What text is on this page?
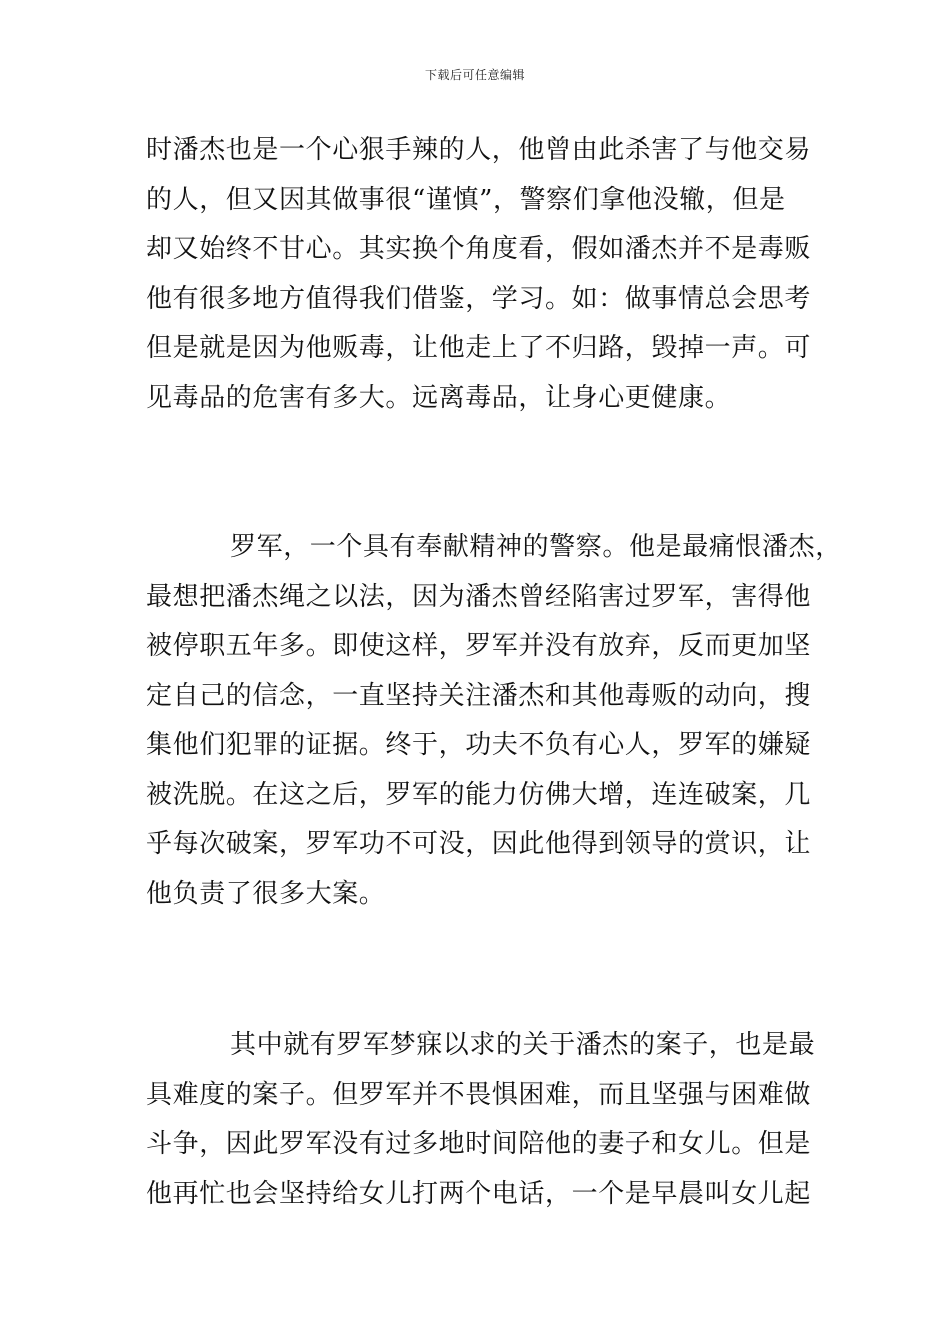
下载后可任意编辑
时潘杰也是一个心狠手辣的人，他曾由此杀害了与他交易
的人，但又因其做事很“谨慎”，警察们拿他没辙，但是
却又始终不甘心。其实换个角度看，假如潘杰并不是毒贩
他有很多地方值得我们借鉴，学习。如：做事情总会思考
但是就是因为他贩毒，让他走上了不归路，毁掉一声。可
见毒品的危害有多大。远离毒品，让身心更健康。
罗军，一个具有奉献精神的警察。他是最痛恨潘杰，
最想把潘杰绳之以法，因为潘杰曾经陷害过罗军，害得他
被停职五年多。即使这样，罗军并没有放弃，反而更加坚
定自己的信念，一直坚持关注潘杰和其他毒贩的动向，搜
集他们犯罪的证据。终于，功夫不负有心人，罗军的嫌疑
被洗脱。在这之后，罗军的能力仿佛大增，连连破案，几
乎每次破案，罗军功不可没，因此他得到领导的赏识，让
他负责了很多大案。
其中就有罗军梦寐以求的关于潘杰的案子，也是最
具难度的案子。但罗军并不畏惧困难，而且坚强与困难做
斗争，因此罗军没有过多地时间陪他的妻子和女儿。但是
他再忙也会坚持给女儿打两个电话，一个是早晨叫女儿起
